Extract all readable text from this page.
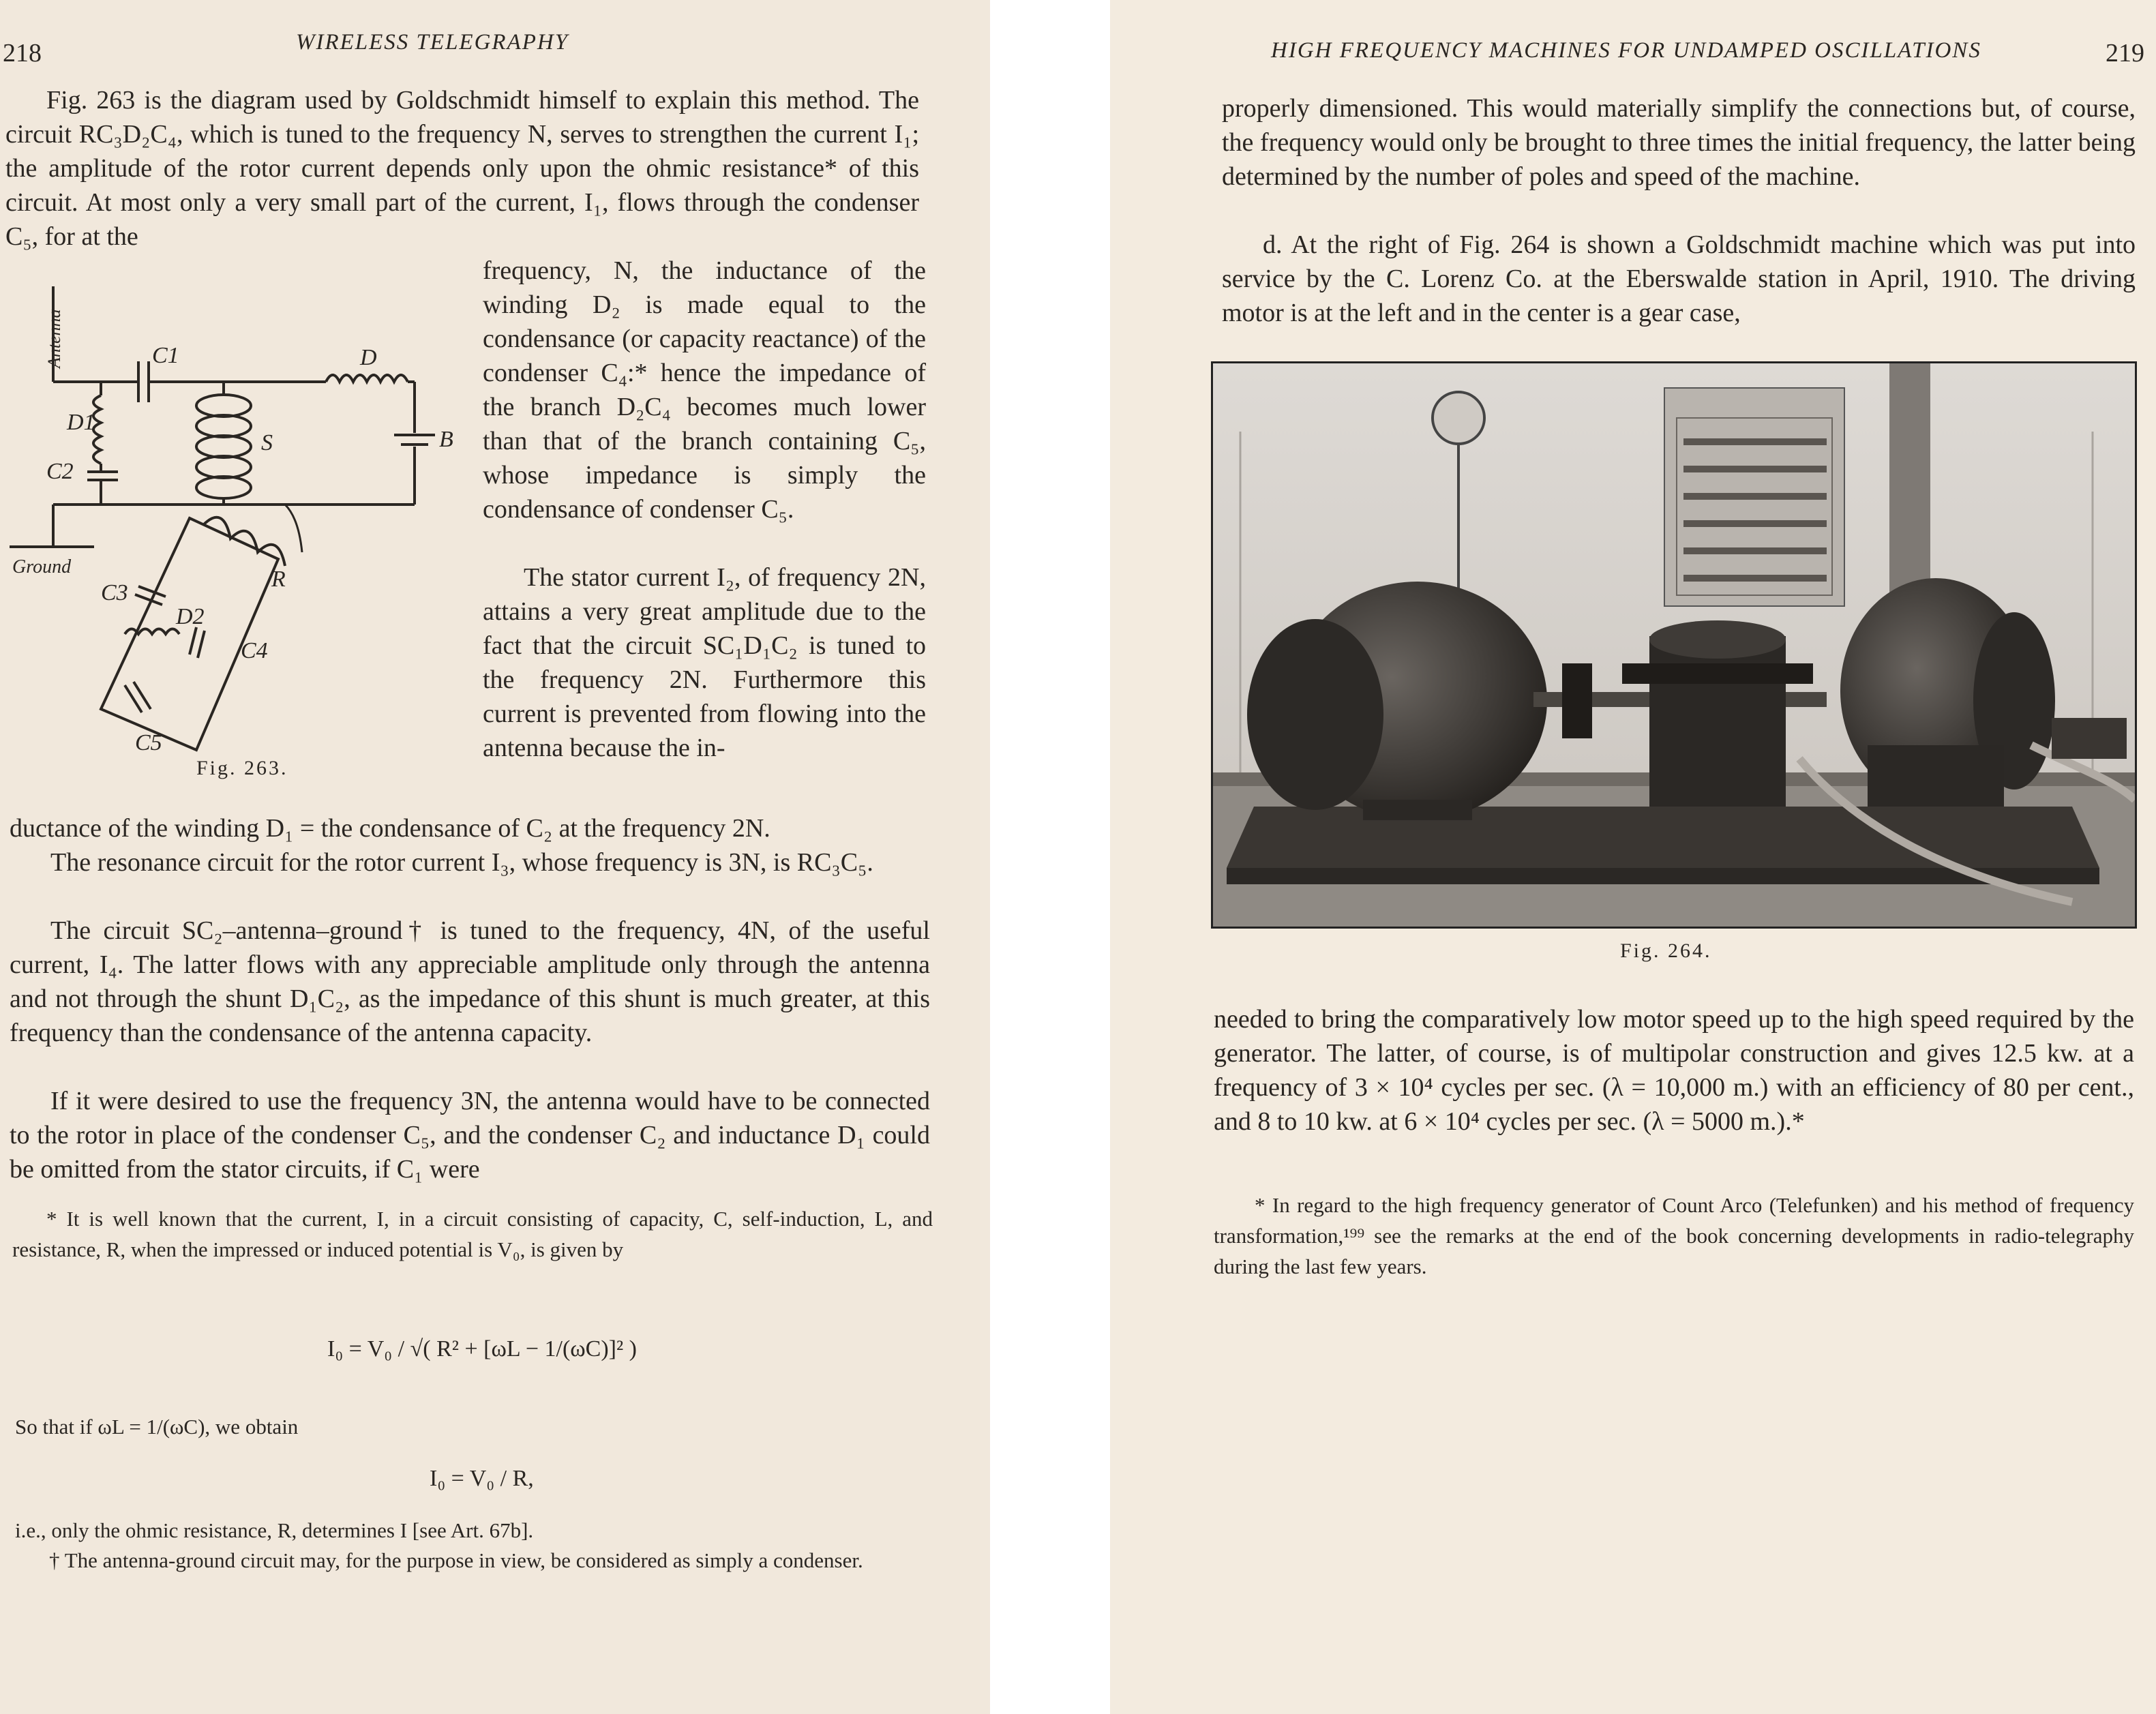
218	WIRELESS TELEGRAPHY

Fig. 263 is the diagram used by Goldschmidt himself to explain this method. The circuit RC₃D₂C₄, which is tuned to the frequency N, serves to strengthen the current I₁; the amplitude of the rotor current depends only upon the ohmic resistance* of this circuit. At most only a very small part of the current, I₁, flows through the condenser C₅, for at the

Antenna	C1	D
D1
C2
S	B
R
Ground
C3
D2
C4
C5
Fig. 263.

frequency, N, the inductance of the winding D₂ is made equal to the condensance (or capacity reactance) of the condenser C₄:* hence the impedance of the branch D₂C₄ becomes much lower than that of the branch containing C₅, whose impedance is simply the condensance of condenser C₅.

The stator current I₂, of frequency 2N, attains a very great amplitude due to the fact that the circuit SC₁D₁C₂ is tuned to the frequency 2N. Furthermore this current is prevented from flowing into the antenna because the in-

ductance of the winding D₁ = the condensance of C₂ at the frequency 2N.

The resonance circuit for the rotor current I₃, whose frequency is 3N, is RC₃C₅.

The circuit SC₂–antenna–ground† is tuned to the frequency, 4N, of the useful current, I₄. The latter flows with any appreciable amplitude only through the antenna and not through the shunt D₁C₂, as the impedance of this shunt is much greater, at this frequency than the condensance of the antenna capacity.

If it were desired to use the frequency 3N, the antenna would have to be connected to the rotor in place of the condenser C₅, and the condenser C₂ and inductance D₁ could be omitted from the stator circuits, if C₁ were

* It is well known that the current, I, in a circuit consisting of capacity, C, self-induction, L, and resistance, R, when the impressed or induced potential is V₀, is given by

I₀ = V₀ / √( R² + [ωL − 1/(ωC)]² )
So that if ωL = 1/(ωC), we obtain
I₀ = V₀ / R,

i.e., only the ohmic resistance, R, determines I [see Art. 67b].

† The antenna-ground circuit may, for the purpose in view, be considered as simply a condenser.

HIGH FREQUENCY MACHINES FOR UNDAMPED OSCILLATIONS	219

properly dimensioned. This would materially simplify the connections but, of course, the frequency would only be brought to three times the initial frequency, the latter being determined by the number of poles and speed of the machine.

d. At the right of Fig. 264 is shown a Goldschmidt machine which was put into service by the C. Lorenz Co. at the Eberswalde station in April, 1910. The driving motor is at the left and in the center is a gear case,

Fig. 264.

needed to bring the comparatively low motor speed up to the high speed required by the generator. The latter, of course, is of multipolar construction and gives 12.5 kw. at a frequency of 3 × 10⁴ cycles per sec. (λ = 10,000 m.) with an efficiency of 80 per cent., and 8 to 10 kw. at 6 × 10⁴ cycles per sec. (λ = 5000 m.).*

* In regard to the high frequency generator of Count Arco (Telefunken) and his method of frequency transformation,¹⁹⁹ see the remarks at the end of the book concerning developments in radio-telegraphy during the last few years.
